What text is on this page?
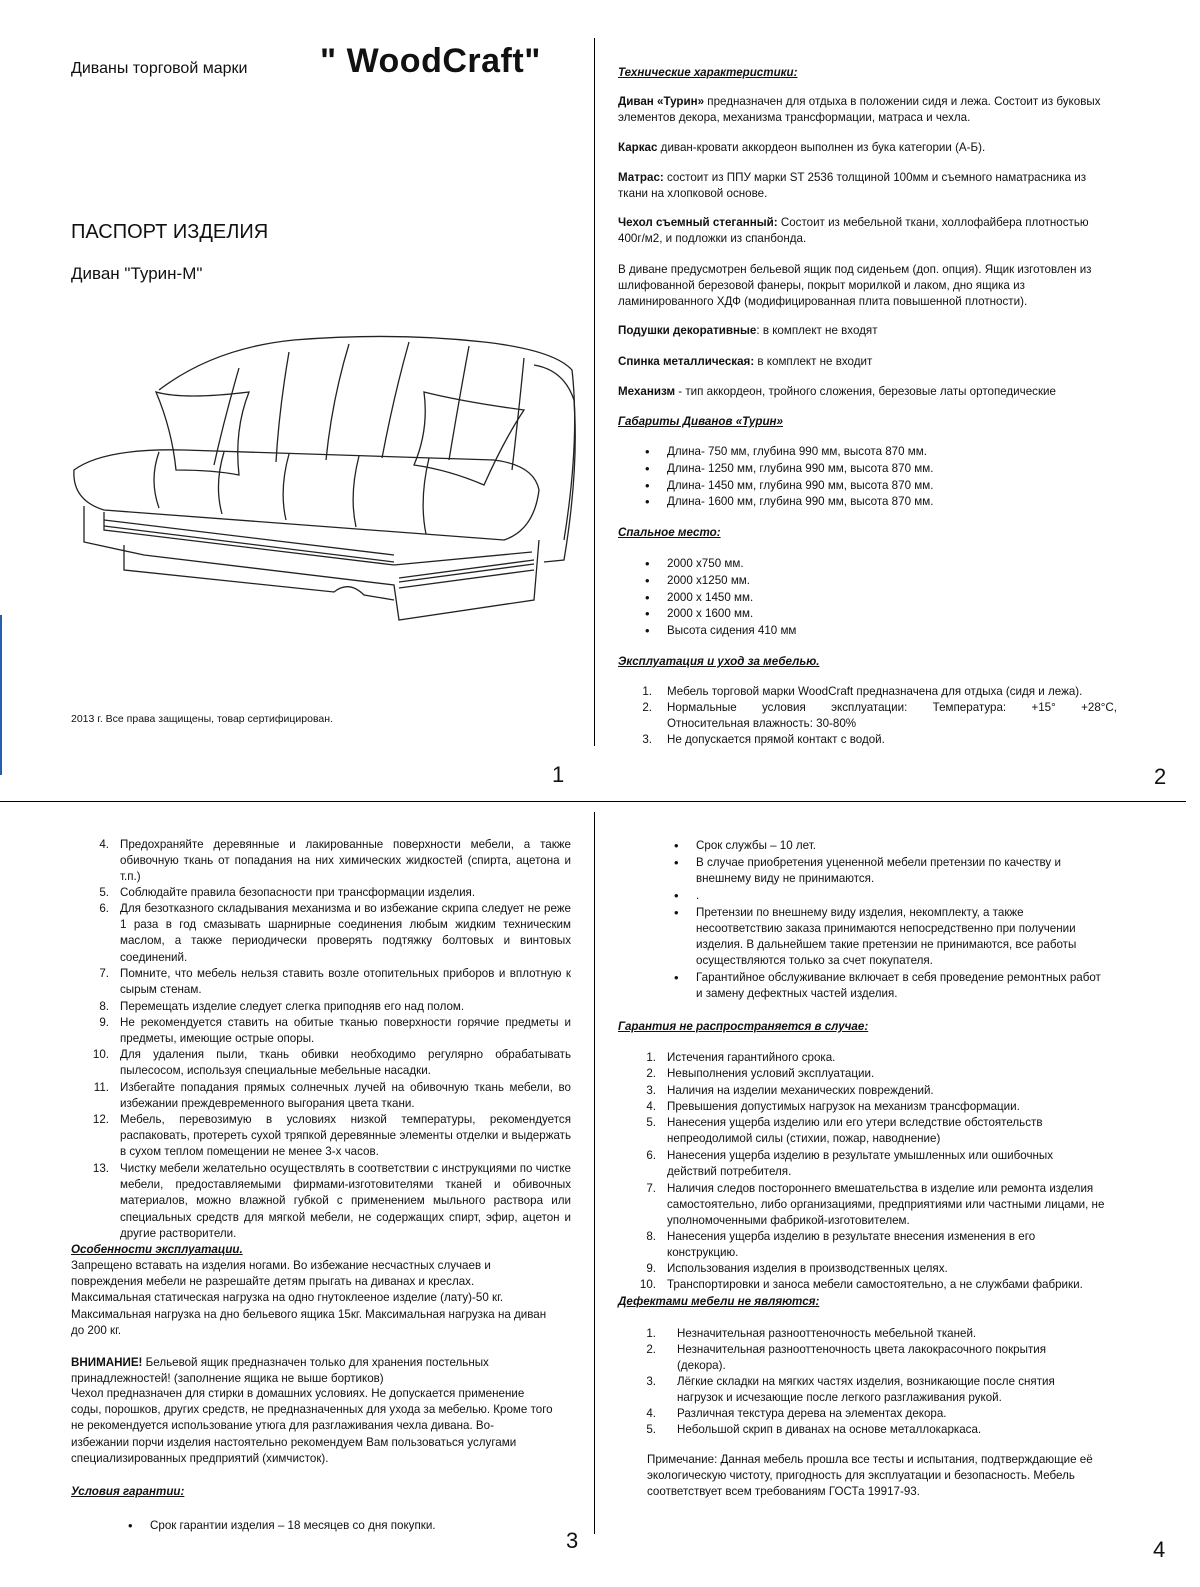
Диваны торговой марки " WoodCraft"
ПАСПОРТ ИЗДЕЛИЯ
Диван "Турин-М"
2013 г. Все права защищены, товар сертифицирован.
1
Технические характеристики:
Диван «Турин» предназначен для отдыха в положении сидя и лежа. Состоит из буковых элементов декора, механизма трансформации, матраса и чехла.
Каркас диван-кровати аккордеон выполнен из бука категории (А-Б).
Матрас: состоит из ППУ марки ST 2536 толщиной 100мм и съемного наматрасника из ткани на хлопковой основе.
Чехол съемный стеганный: Состоит из мебельной ткани, холлофайбера плотностью 400г/м2, и подложки из спанбонда.
В диване предусмотрен бельевой ящик под сиденьем (доп. опция). Ящик изготовлен из шлифованной березовой фанеры, покрыт морилкой и лаком, дно ящика из ламинированного ХДФ (модифицированная плита повышенной плотности).
Подушки декоративные: в комплект не входят
Спинка металлическая: в комплект не входит
Механизм - тип аккордеон, тройного сложения, березовые латы ортопедические
Габариты Диванов «Турин»
• Длина- 750 мм, глубина 990 мм, высота 870 мм.
• Длина- 1250 мм, глубина 990 мм, высота 870 мм.
• Длина- 1450 мм, глубина 990 мм, высота 870 мм.
• Длина- 1600 мм, глубина 990 мм, высота 870 мм.
Спальное место:
• 2000 х750 мм.
• 2000 х1250 мм.
• 2000 х 1450 мм.
• 2000 х 1600 мм.
• Высота сидения 410 мм
Эксплуатация и уход за мебелью.
1. Мебель торговой марки WoodCraft предназначена для отдыха (сидя и лежа).
2. Нормальные условия эксплуатации: Температура: +15° +28°С,
Относительная влажность: 30-80%
3. Не допускается прямой контакт с водой.
2
4. Предохраняйте деревянные и лакированные поверхности мебели, а также обивочную ткань от попадания на них химических жидкостей (спирта, ацетона и т.п.)
5. Соблюдайте правила безопасности при трансформации изделия.
6. Для безотказного складывания механизма и во избежание скрипа следует не реже 1 раза в год смазывать шарнирные соединения любым жидким техническим маслом, а также периодически проверять подтяжку болтовых и винтовых соединений.
7. Помните, что мебель нельзя ставить возле отопительных приборов и вплотную к сырым стенам.
8. Перемещать изделие следует слегка приподняв его над полом.
9. Не рекомендуется ставить на обитые тканью поверхности горячие предметы и предметы, имеющие острые опоры.
10. Для удаления пыли, ткань обивки необходимо регулярно обрабатывать пылесосом, используя специальные мебельные насадки.
11. Избегайте попадания прямых солнечных лучей на обивочную ткань мебели, во избежании преждевременного выгорания цвета ткани.
12. Мебель, перевозимую в условиях низкой температуры, рекомендуется распаковать, протереть сухой тряпкой деревянные элементы отделки и выдержать в сухом теплом помещении не менее 3-х часов.
13. Чистку мебели желательно осуществлять в соответствии с инструкциями по чистке мебели, предоставляемыми фирмами-изготовителями тканей и обивочных материалов, можно влажной губкой с применением мыльного раствора или специальных средств для мягкой мебели, не содержащих спирт, эфир, ацетон и другие растворители.
Особенности эксплуатации.
Запрещено вставать на изделия ногами. Во избежание несчастных случаев и повреждения мебели не разрешайте детям прыгать на диванах и креслах. Максимальная статическая нагрузка на одно гнутоклееное изделие (лату)-50 кг. Максимальная нагрузка на дно бельевого ящика 15кг. Максимальная нагрузка на диван до 200 кг.
ВНИМАНИЕ! Бельевой ящик предназначен только для хранения постельных принадлежностей! (заполнение ящика не выше бортиков)
Чехол предназначен для стирки в домашних условиях. Не допускается применение соды, порошков, других средств, не предназначенных для ухода за мебелью. Кроме того не рекомендуется использование утюга для разглаживания чехла дивана. Во- избежании порчи изделия настоятельно рекомендуем Вам пользоваться услугами специализированных предприятий (химчисток).
Условия гарантии:
• Срок гарантии изделия – 18 месяцев со дня покупки.
3
• Срок службы – 10 лет.
• В случае приобретения уцененной мебели претензии по качеству и внешнему виду не принимаются.
• .
• Претензии по внешнему виду изделия, некомплекту, а также несоответствию заказа принимаются непосредственно при получении изделия. В дальнейшем такие претензии не принимаются, все работы осуществляются только за счет покупателя.
• Гарантийное обслуживание включает в себя проведение ремонтных работ и замену дефектных частей изделия.
Гарантия не распространяется в случае:
1. Истечения гарантийного срока.
2. Невыполнения условий эксплуатации.
3. Наличия на изделии механических повреждений.
4. Превышения допустимых нагрузок на механизм трансформации.
5. Нанесения ущерба изделию или его утери вследствие обстоятельств непреодолимой силы (стихии, пожар, наводнение)
6. Нанесения ущерба изделию в результате умышленных или ошибочных действий потребителя.
7. Наличия следов постороннего вмешательства в изделие или ремонта изделия самостоятельно, либо организациями, предприятиями или частными лицами, не уполномоченными фабрикой-изготовителем.
8. Нанесения ущерба изделию в результате внесения изменения в его конструкцию.
9. Использования изделия в производственных целях.
10. Транспортировки и заноса мебели самостоятельно, а не службами фабрики.
Дефектами мебели не являются:
1. Незначительная разнооттеночность мебельной тканей.
2. Незначительная разнооттеночность цвета лакокрасочного покрытия (декора).
3. Лёгкие складки на мягких частях изделия, возникающие после снятия нагрузок и исчезающие после легкого разглаживания рукой.
4. Различная текстура дерева на элементах декора.
5. Небольшой скрип в диванах на основе металлокаркаса.
Примечание: Данная мебель прошла все тесты и испытания, подтверждающие её экологическую чистоту, пригодность для эксплуатации и безопасность. Мебель соответствует всем требованиям ГОСТа 19917-93.
4
